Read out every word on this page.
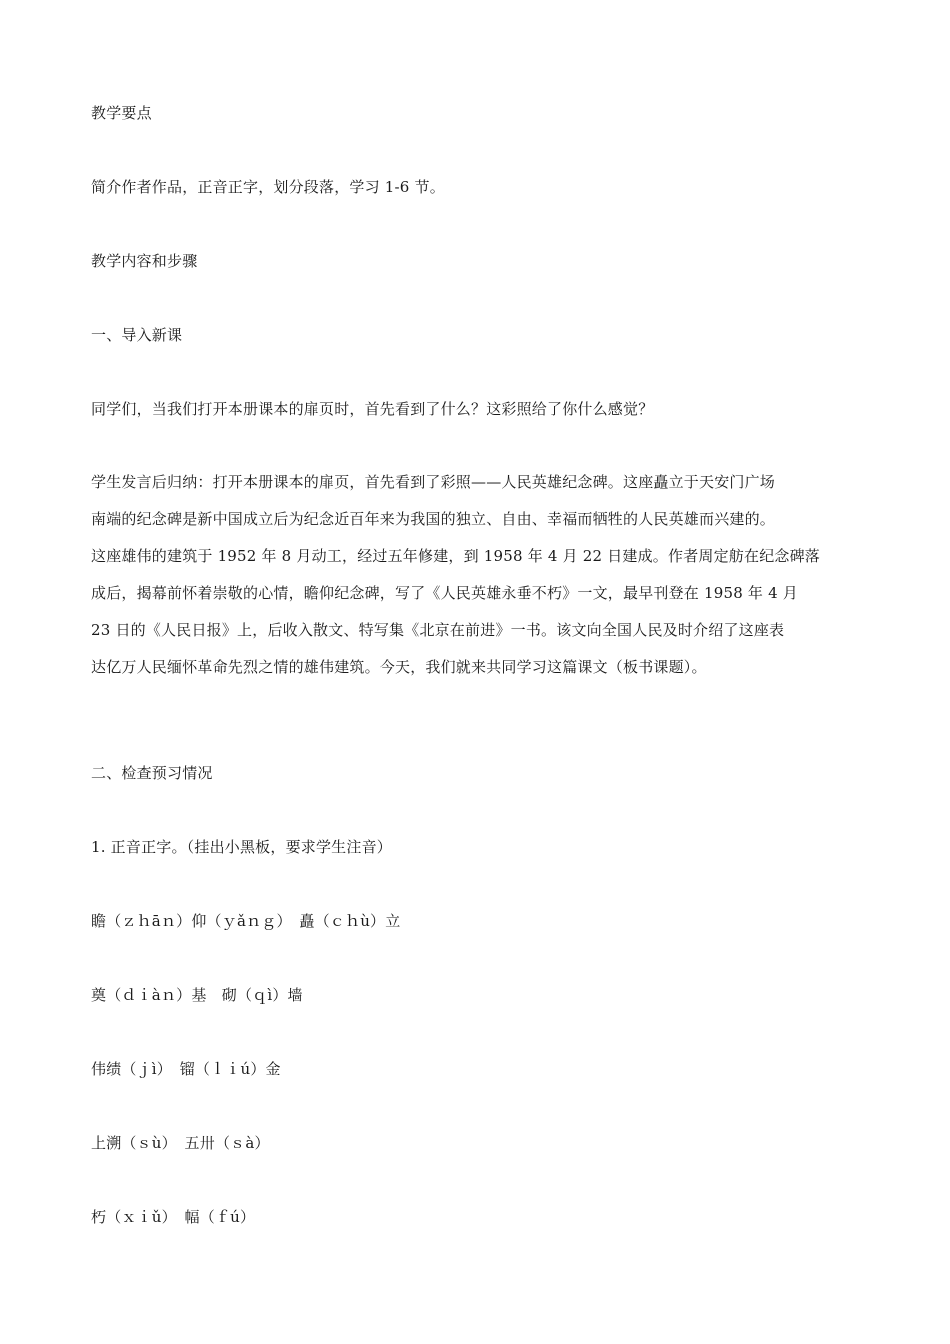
教学要点
简介作者作品，正音正字，划分段落，学习 1-6 节。
教学内容和步骤
一、导入新课
同学们，当我们打开本册课本的扉页时，首先看到了什么？这彩照给了你什么感觉？
学生发言后归纳：打开本册课本的扉页，首先看到了彩照——人民英雄纪念碑。这座矗立于天安门广场
南端的纪念碑是新中国成立后为纪念近百年来为我国的独立、自由、幸福而牺牲的人民英雄而兴建的。
这座雄伟的建筑于 1952 年 8 月动工，经过五年修建，到 1958 年 4 月 22 日建成。作者周定舫在纪念碑落
成后，揭幕前怀着崇敬的心情，瞻仰纪念碑，写了《人民英雄永垂不朽》一文，最早刊登在 1958 年 4 月
23 日的《人民日报》上，后收入散文、特写集《北京在前进》一书。该文向全国人民及时介绍了这座表
达亿万人民缅怀革命先烈之情的雄伟建筑。今天，我们就来共同学习这篇课文（板书课题）。
二、检查预习情况
1. 正音正字。（挂出小黑板，要求学生注音）
瞻（ｚｈāｎ）仰（ｙǎｎｇ）　矗（ｃｈù）立
奠（ｄｉàｎ）基　砌（ｑì）墙
伟绩（ｊì）　镏（ｌｉú）金
上溯（ｓù）　五卅（ｓà）
朽（ｘｉǔ）　幅（ｆú）
